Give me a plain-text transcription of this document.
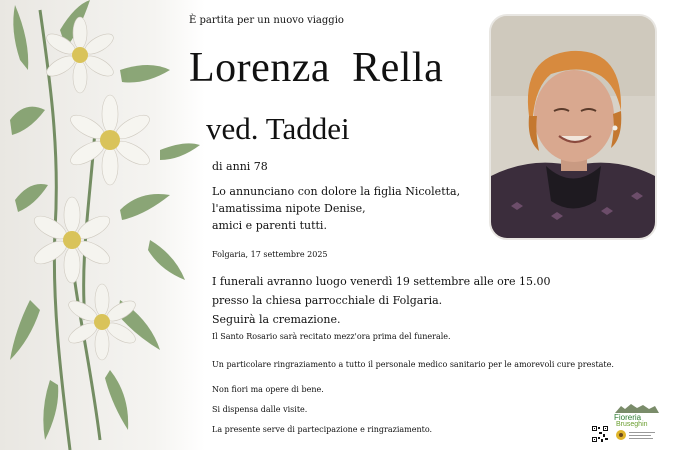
È partita per un nuovo viaggio
Lorenza Rella
ved. Taddei
di anni 78
Lo annunciano con dolore la figlia Nicoletta,
l'amatissima nipote Denise,
amici e parenti tutti.
Folgaria, 17 settembre 2025
I funerali avranno luogo venerdì 19 settembre alle ore 15.00
presso la chiesa parrocchiale di Folgaria.
Seguirà la cremazione.
Il Santo Rosario sarà recitato mezz'ora prima del funerale.
Un particolare ringraziamento a tutto il personale medico sanitario per le amorevoli cure prestate.
Non fiori ma opere di bene.
Si dispensa dalle visite.
La presente serve di partecipazione e ringraziamento.
Fioreria
Bruseghin
